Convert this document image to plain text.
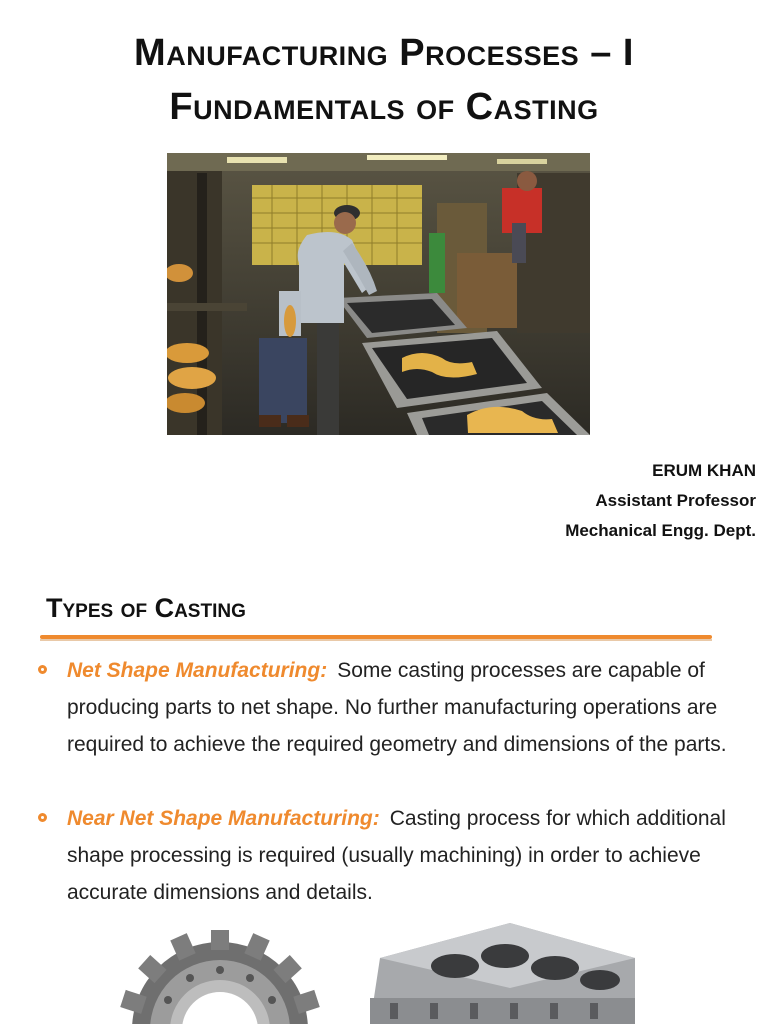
Manufacturing Processes – I
Fundamentals of Casting
ERUM KHAN
Assistant Professor
Mechanical Engg. Dept.
Types of Casting
Net Shape Manufacturing: Some casting processes are capable of producing parts to net shape. No further manufacturing operations are required to achieve the required geometry and dimensions of the parts.
Near Net Shape Manufacturing: Casting process for which additional shape processing is required (usually machining) in order to achieve accurate dimensions and details.
